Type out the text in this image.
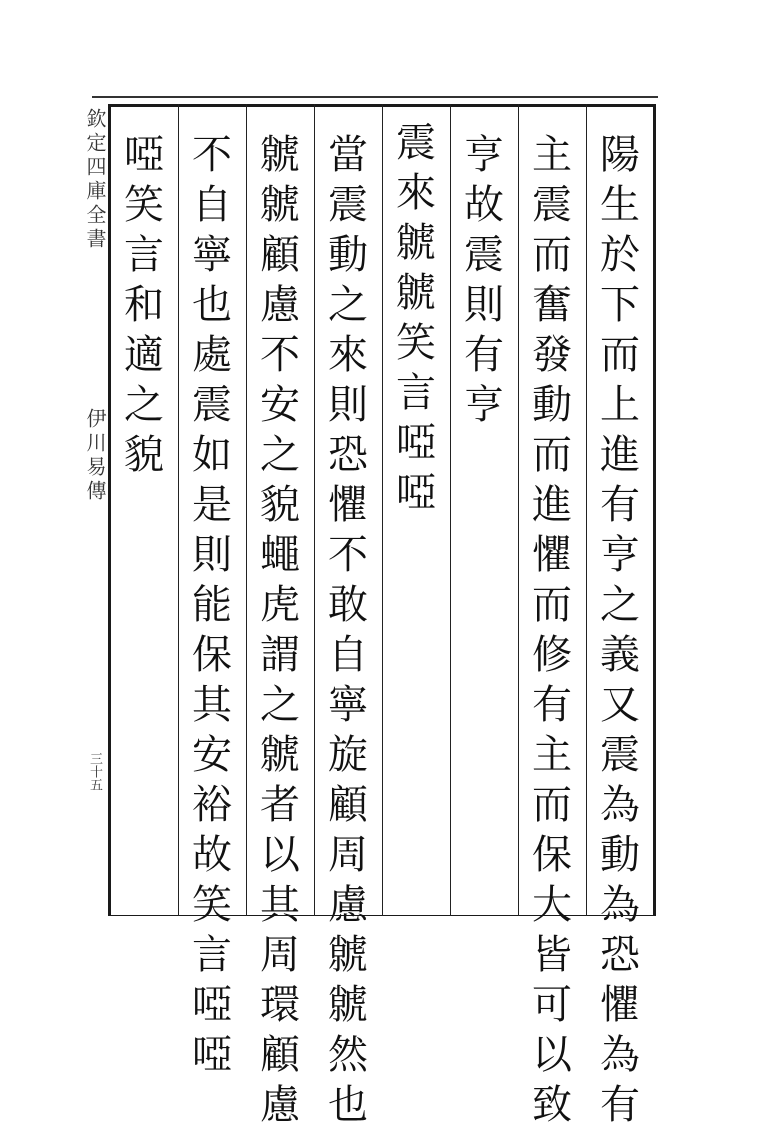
欽定四庫全書
伊川易傳
三十五
陽
生
於
下
而
上
進
有
亨
之
義
又
震
為
動
為
恐
懼
為
有
主
震
而
奮
發
動
而
進
懼
而
修
有
主
而
保
大
皆
可
以
致
亨
故
震
則
有
亨
震
來
虩
虩
笑
言
啞
啞
當
震
動
之
來
則
恐
懼
不
敢
自
寧
旋
顧
周
慮
虩
虩
然
也
虩
虩
顧
慮
不
安
之
貌
蠅
虎
謂
之
虩
者
以
其
周
環
顧
慮
不
自
寧
也
處
震
如
是
則
能
保
其
安
裕
故
笑
言
啞
啞
啞
笑
言
和
適
之
貌
